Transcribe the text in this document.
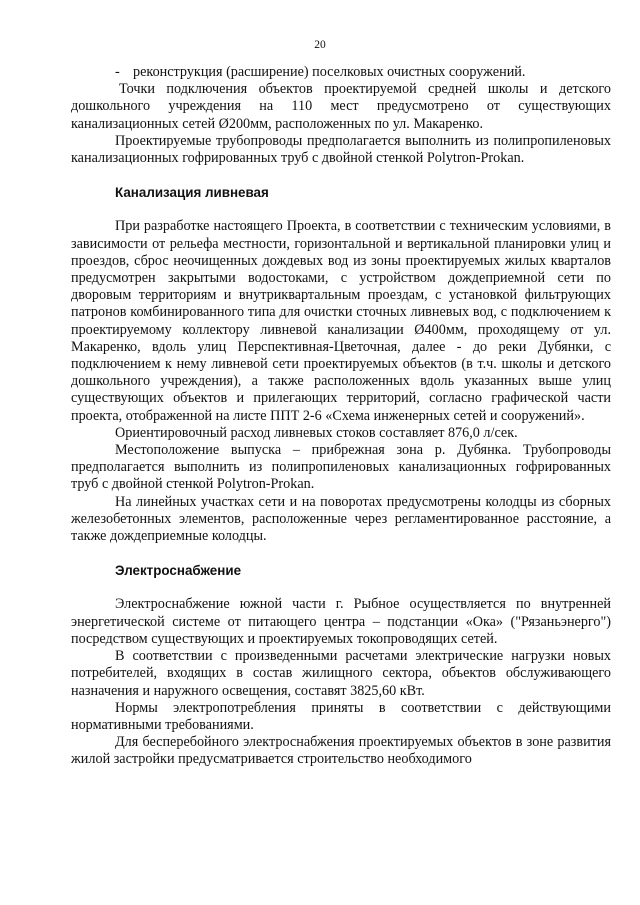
20
- реконструкция (расширение) поселковых очистных сооружений.

Точки подключения объектов проектируемой средней школы и детского дошкольного учреждения на 110 мест предусмотрено от существующих канализационных сетей Ø200мм, расположенных по ул. Макаренко.

Проектируемые трубопроводы предполагается выполнить из полипропиленовых канализационных гофрированных труб с двойной стенкой Polytron-Prokan.

Канализация ливневая

При разработке настоящего Проекта, в соответствии с техническим условиями, в зависимости от рельефа местности, горизонтальной и вертикальной планировки улиц и проездов, сброс неочищенных дождевых вод из зоны проектируемых жилых кварталов предусмотрен закрытыми водостоками, с устройством дождеприемной сети по дворовым территориям и внутриквартальным проездам, с установкой фильтрующих патронов комбинированного типа для очистки сточных ливневых вод, с подключением к проектируемому коллектору ливневой канализации Ø400мм, проходящему от ул. Макаренко, вдоль улиц Перспективная-Цветочная, далее - до реки Дубянки, с подключением к нему ливневой сети проектируемых объектов (в т.ч. школы и детского дошкольного учреждения), а также расположенных вдоль указанных выше улиц существующих объектов и прилегающих территорий, согласно графической части проекта, отображенной на листе ППТ 2-6 «Схема инженерных сетей и сооружений».

Ориентировочный расход ливневых стоков составляет 876,0 л/сек.

Местоположение выпуска – прибрежная зона р. Дубянка. Трубопроводы предполагается выполнить из полипропиленовых канализационных гофрированных труб с двойной стенкой Polytron-Prokan.

На линейных участках сети и на поворотах предусмотрены колодцы из сборных железобетонных элементов, расположенные через регламентированное расстояние, а также дождеприемные колодцы.

Электроснабжение

Электроснабжение южной части г. Рыбное осуществляется по внутренней энергетической системе от питающего центра – подстанции «Ока» ("Рязаньэнерго") посредством существующих и проектируемых токопроводящих сетей.

В соответствии с произведенными расчетами электрические нагрузки новых потребителей, входящих в состав жилищного сектора, объектов обслуживающего назначения и наружного освещения, составят 3825,60 кВт.

Нормы электропотребления приняты в соответствии с действующими нормативными требованиями.

Для бесперебойного электроснабжения проектируемых объектов в зоне развития жилой застройки предусматривается строительство необходимого
